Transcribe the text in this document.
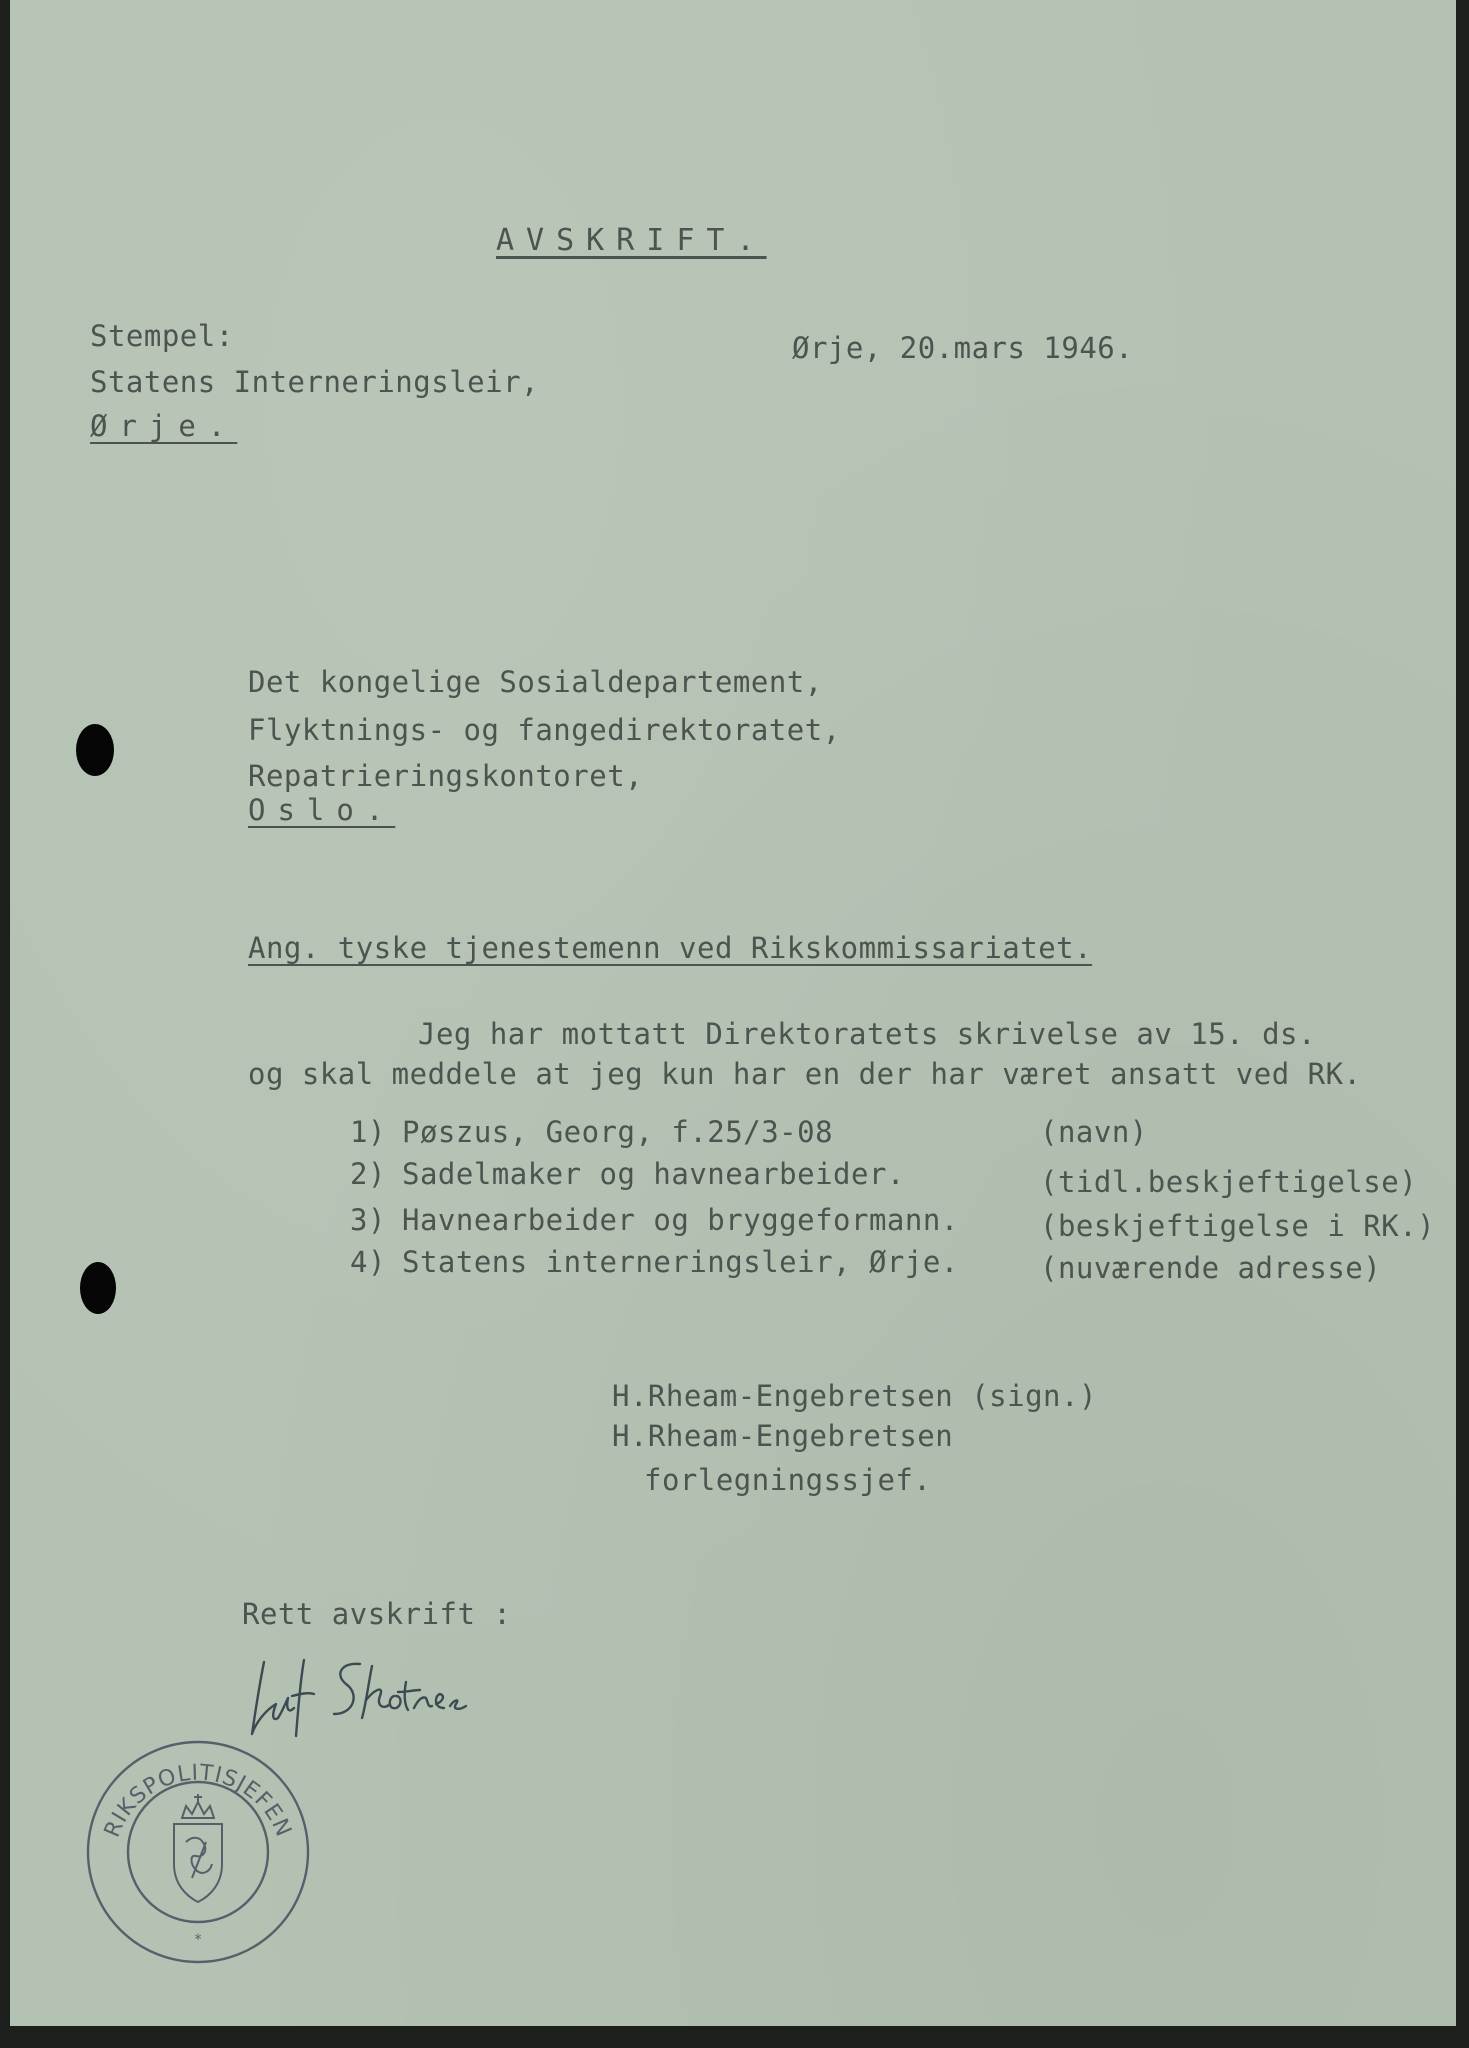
AVSKRIFT.
Stempel:
Statens Interneringsleir,
Ørje.
Ørje, 20.mars 1946.
Det kongelige Sosialdepartement,
Flyktnings- og fangedirektoratet,
Repatrieringskontoret,
Oslo.
Ang. tyske tjenestemenn ved Rikskommissariatet.
Jeg har mottatt Direktoratets skrivelse av 15. ds.
og skal meddele at jeg kun har en der har været ansatt ved RK.
1) Pøszus, Georg, f.25/3-08	(navn)
2) Sadelmaker og havnearbeider.	(tidl.beskjeftigelse)
3) Havnearbeider og bryggeformann.	(beskjeftigelse i RK.)
4) Statens interneringsleir, Ørje.	(nuværende adresse)
H.Rheam-Engebretsen (sign.)
H.Rheam-Engebretsen
forlegningssjef.
Rett avskrift :
RIKSPOLITISJEFEN
*
